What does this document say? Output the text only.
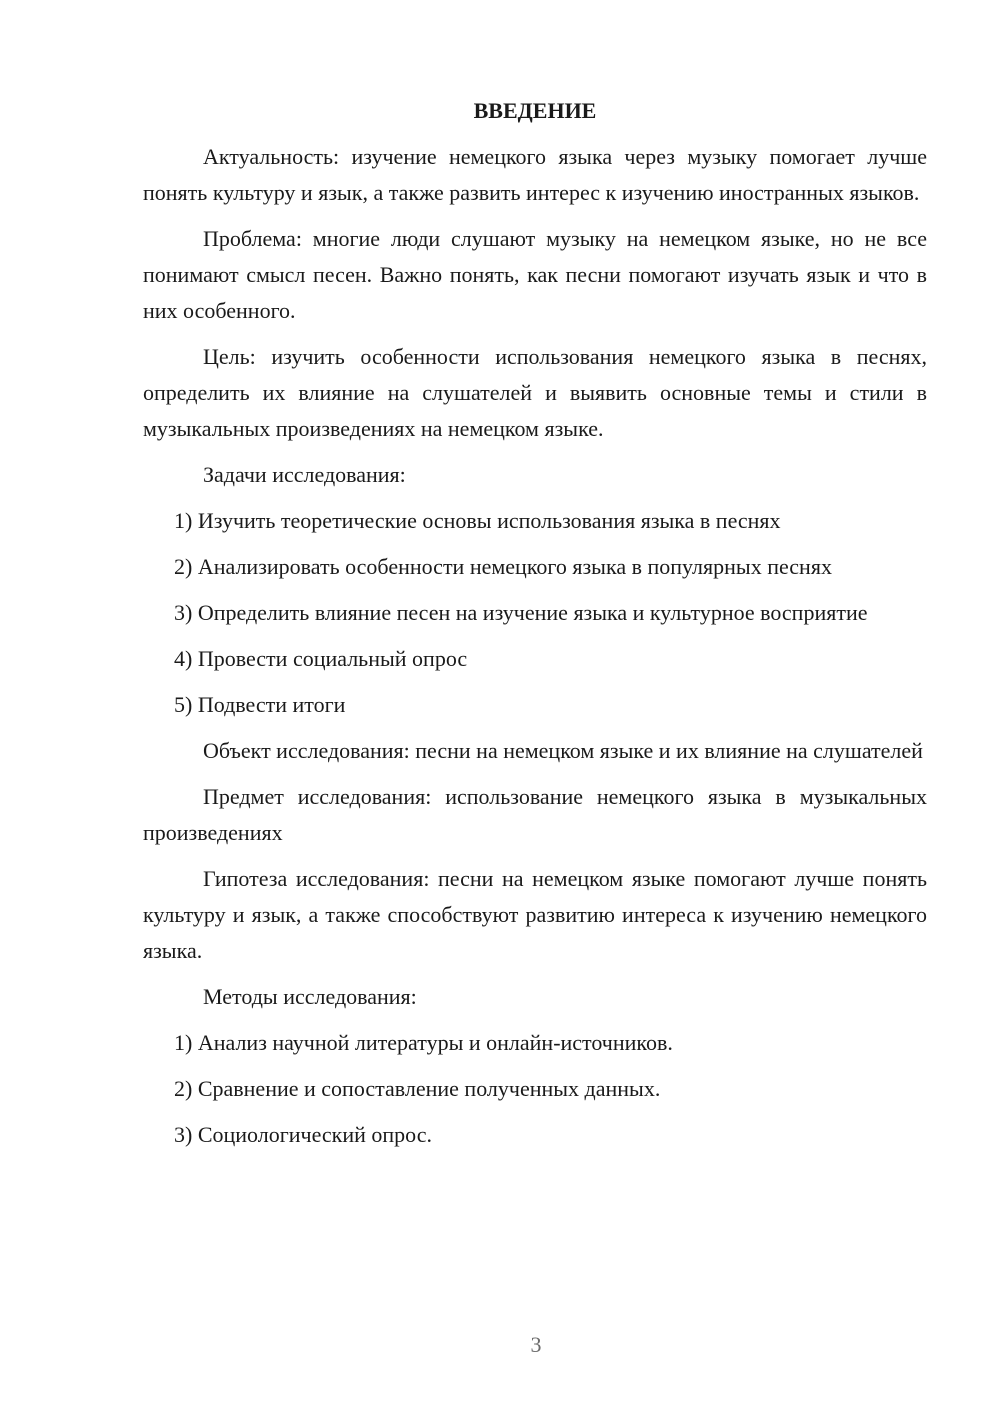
ВВЕДЕНИЕ

Актуальность: изучение немецкого языка через музыку помогает лучше понять культуру и язык, а также развить интерес к изучению иностранных языков.

Проблема: многие люди слушают музыку на немецком языке, но не все понимают смысл песен. Важно понять, как песни помогают изучать язык и что в них особенного.

Цель: изучить особенности использования немецкого языка в песнях, определить их влияние на слушателей и выявить основные темы и стили в музыкальных произведениях на немецком языке.

Задачи исследования:

1) Изучить теоретические основы использования языка в песнях

2) Анализировать особенности немецкого языка в популярных песнях

3) Определить влияние песен на изучение языка и культурное восприятие

4) Провести социальный опрос

5) Подвести итоги

Объект исследования: песни на немецком языке и их влияние на слушателей

Предмет исследования: использование немецкого языка в музыкальных произведениях

Гипотеза исследования: песни на немецком языке помогают лучше понять культуру и язык, а также способствуют развитию интереса к изучению немецкого языка.

Методы исследования:

1) Анализ научной литературы и онлайн-источников.

2) Сравнение и сопоставление полученных данных.

3) Социологический опрос.

3
